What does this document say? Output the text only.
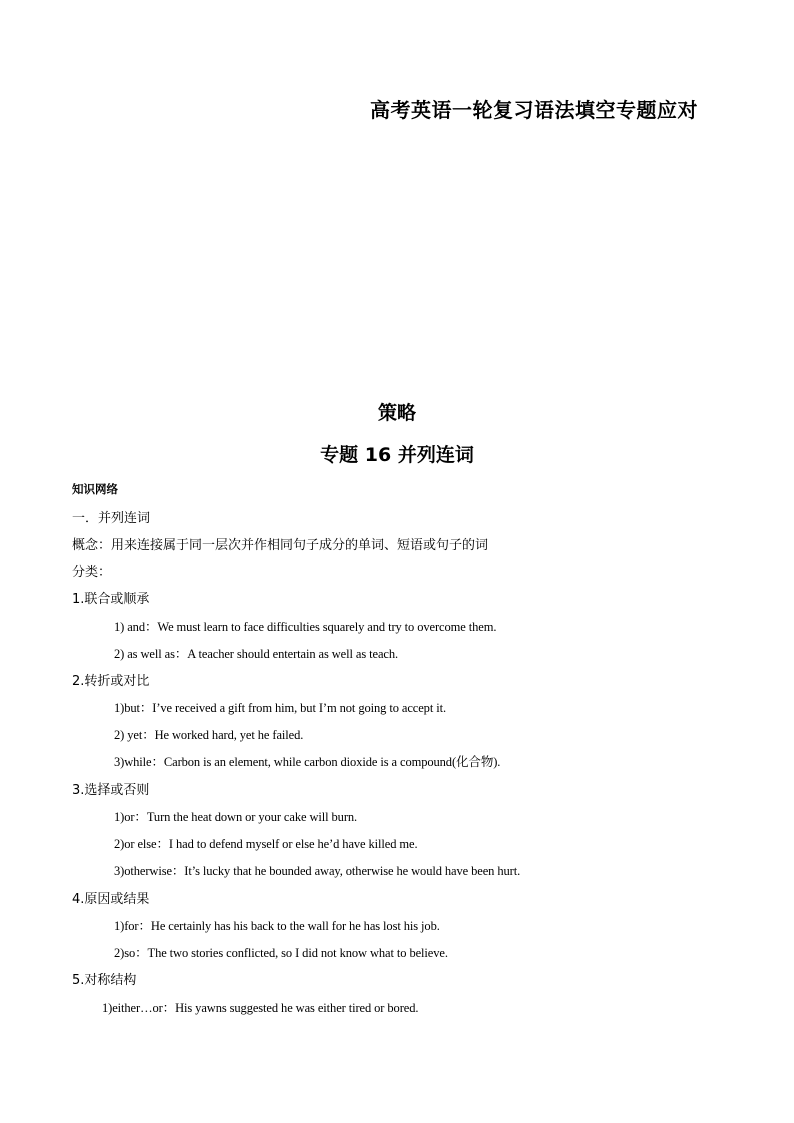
高考英语一轮复习语法填空专题应对
策略
专题 16 并列连词
知识网络
一．并列连词
概念：用来连接属于同一层次并作相同句子成分的单词、短语或句子的词
分类：
1.联合或顺承
1) and：We must learn to face difficulties squarely and try to overcome them.
2) as well as：A teacher should entertain as well as teach.
2.转折或对比
1)but：I’ve received a gift from him, but I’m not going to accept it.
2) yet：He worked hard, yet he failed.
3)while：Carbon is an element, while carbon dioxide is a compound(化合物).
3.选择或否则
1)or：Turn the heat down or your cake will burn.
2)or else：I had to defend myself or else he’d have killed me.
3)otherwise：It’s lucky that he bounded away, otherwise he would have been hurt.
4.原因或结果
1)for：He certainly has his back to the wall for he has lost his job.
2)so：The two stories conflicted, so I did not know what to believe.
5.对称结构
1)either…or：His yawns suggested he was either tired or bored.
